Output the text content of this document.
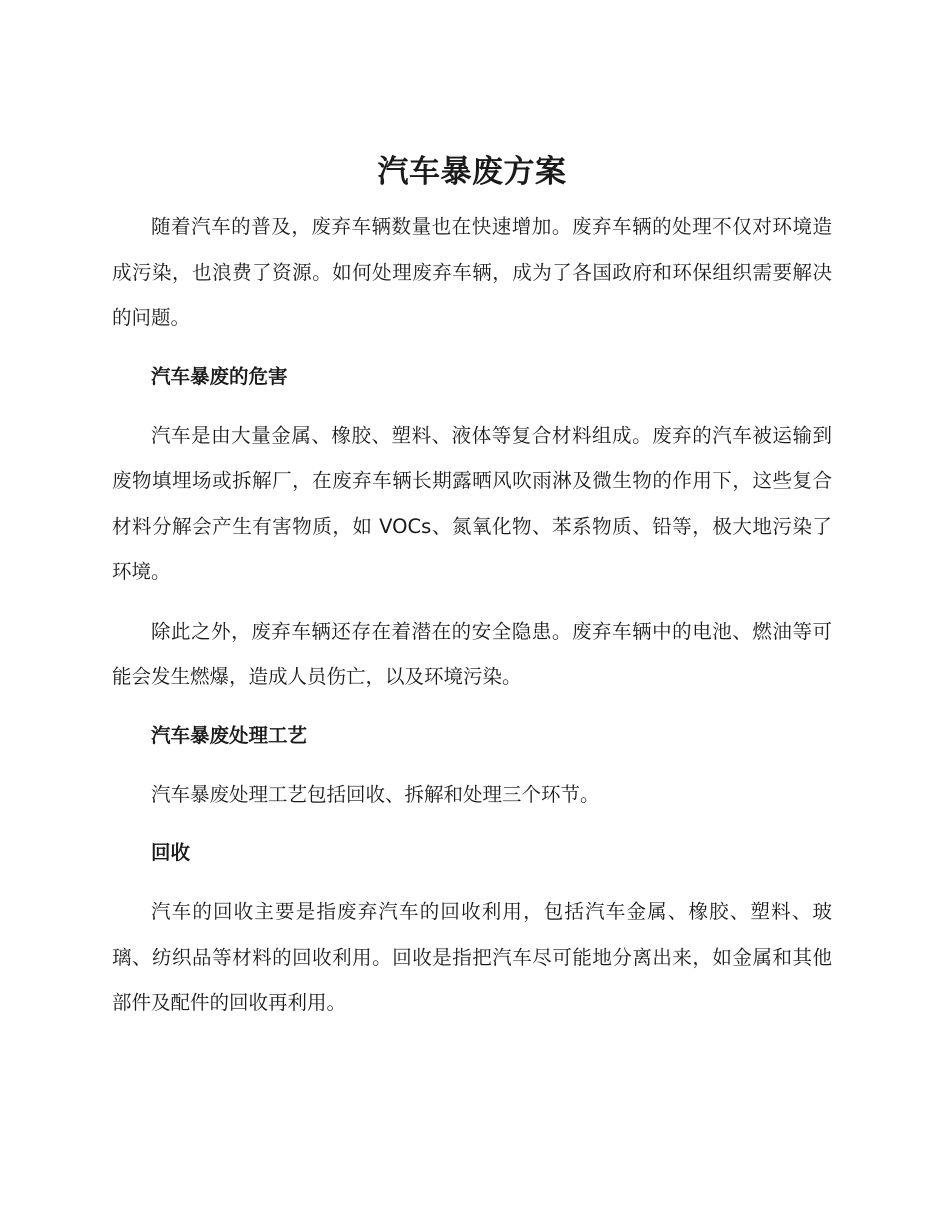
汽车暴废方案

随着汽车的普及，废弃车辆数量也在快速增加。废弃车辆的处理不仅对环境造成污染，也浪费了资源。如何处理废弃车辆，成为了各国政府和环保组织需要解决的问题。

汽车暴废的危害

汽车是由大量金属、橡胶、塑料、液体等复合材料组成。废弃的汽车被运输到废物填埋场或拆解厂，在废弃车辆长期露晒风吹雨淋及微生物的作用下，这些复合材料分解会产生有害物质，如 VOCs、氮氧化物、苯系物质、铅等，极大地污染了环境。

除此之外，废弃车辆还存在着潜在的安全隐患。废弃车辆中的电池、燃油等可能会发生燃爆，造成人员伤亡，以及环境污染。

汽车暴废处理工艺

汽车暴废处理工艺包括回收、拆解和处理三个环节。

回收

汽车的回收主要是指废弃汽车的回收利用，包括汽车金属、橡胶、塑料、玻璃、纺织品等材料的回收利用。回收是指把汽车尽可能地分离出来，如金属和其他部件及配件的回收再利用。
